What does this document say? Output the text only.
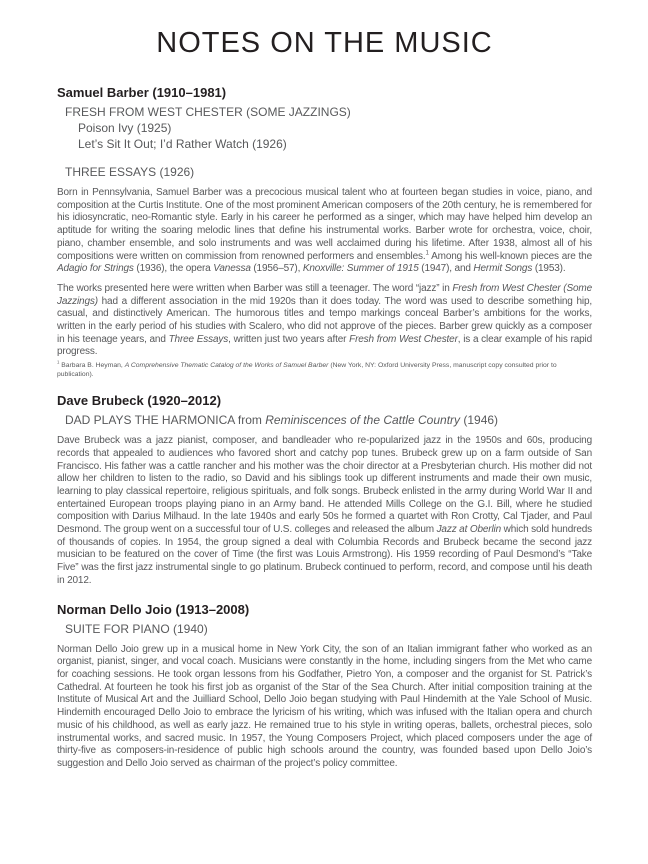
NOTES ON THE MUSIC
Samuel Barber (1910–1981)
FRESH FROM WEST CHESTER (SOME JAZZINGS)
Poison Ivy (1925)
Let’s Sit It Out; I’d Rather Watch (1926)
THREE ESSAYS (1926)

Born in Pennsylvania, Samuel Barber was a precocious musical talent who at fourteen began studies in voice, piano, and composition at the Curtis Institute. One of the most prominent American composers of the 20th century, he is remembered for his idiosyncratic, neo-Romantic style. Early in his career he performed as a singer, which may have helped him develop an aptitude for writing the soaring melodic lines that define his instrumental works. Barber wrote for orchestra, voice, choir, piano, chamber ensemble, and solo instruments and was well acclaimed during his lifetime. After 1938, almost all of his compositions were written on commission from renowned performers and ensembles.$^1$ Among his well-known pieces are the Adagio for Strings (1936), the opera Vanessa (1956–57), Knoxville: Summer of 1915 (1947), and Hermit Songs (1953).

The works presented here were written when Barber was still a teenager. The word “jazz” in Fresh from West Chester (Some Jazzings) had a different association in the mid 1920s than it does today. The word was used to describe something hip, casual, and distinctively American. The humorous titles and tempo markings conceal Barber’s ambitions for the works, written in the early period of his studies with Scalero, who did not approve of the pieces. Barber grew quickly as a composer in his teenage years, and Three Essays, written just two years after Fresh from West Chester, is a clear example of his rapid progress.

$^1$ Barbara B. Heyman, A Comprehensive Thematic Catalog of the Works of Samuel Barber (New York, NY: Oxford University Press, manuscript copy consulted prior to publication).

Dave Brubeck (1920–2012)
DAD PLAYS THE HARMONICA from Reminiscences of the Cattle Country (1946)

Dave Brubeck was a jazz pianist, composer, and bandleader who re-popularized jazz in the 1950s and 60s, producing records that appealed to audiences who favored short and catchy pop tunes. Brubeck grew up on a farm outside of San Francisco. His father was a cattle rancher and his mother was the choir director at a Presbyterian church. His mother did not allow her children to listen to the radio, so David and his siblings took up different instruments and made their own music, learning to play classical repertoire, religious spirituals, and folk songs. Brubeck enlisted in the army during World War II and entertained European troops playing piano in an Army band. He attended Mills College on the G.I. Bill, where he studied composition with Darius Milhaud. In the late 1940s and early 50s he formed a quartet with Ron Crotty, Cal Tjader, and Paul Desmond. The group went on a successful tour of U.S. colleges and released the album Jazz at Oberlin which sold hundreds of thousands of copies. In 1954, the group signed a deal with Columbia Records and Brubeck became the second jazz musician to be featured on the cover of Time (the first was Louis Armstrong). His 1959 recording of Paul Desmond’s “Take Five” was the first jazz instrumental single to go platinum. Brubeck continued to perform, record, and compose until his death in 2012.

Norman Dello Joio (1913–2008)
SUITE FOR PIANO (1940)

Norman Dello Joio grew up in a musical home in New York City, the son of an Italian immigrant father who worked as an organist, pianist, singer, and vocal coach. Musicians were constantly in the home, including singers from the Met who came for coaching sessions. He took organ lessons from his Godfather, Pietro Yon, a composer and the organist for St. Patrick’s Cathedral. At fourteen he took his first job as organist of the Star of the Sea Church. After initial composition training at the Institute of Musical Art and the Juilliard School, Dello Joio began studying with Paul Hindemith at the Yale School of Music. Hindemith encouraged Dello Joio to embrace the lyricism of his writing, which was infused with the Italian opera and church music of his childhood, as well as early jazz. He remained true to his style in writing operas, ballets, orchestral pieces, solo instrumental works, and sacred music. In 1957, the Young Composers Project, which placed composers under the age of thirty-five as composers-in-residence of public high schools around the country, was founded based upon Dello Joio’s suggestion and Dello Joio served as chairman of the project’s policy committee.
